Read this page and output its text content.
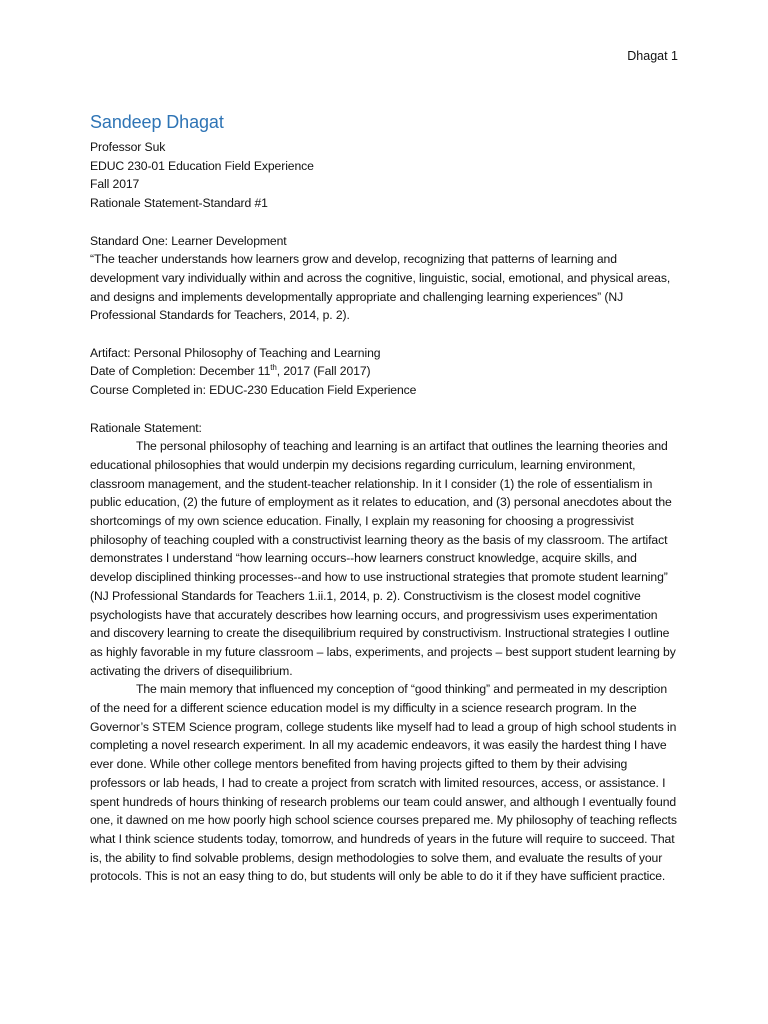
Dhagat 1
Sandeep Dhagat

Professor Suk

EDUC 230-01 Education Field Experience

Fall 2017

Rationale Statement-Standard #1

Standard One: Learner Development

“The teacher understands how learners grow and develop, recognizing that patterns of learning and development vary individually within and across the cognitive, linguistic, social, emotional, and physical areas, and designs and implements developmentally appropriate and challenging learning experiences” (NJ Professional Standards for Teachers, 2014, p. 2).

Artifact: Personal Philosophy of Teaching and Learning

Date of Completion: December 11th, 2017 (Fall 2017)

Course Completed in: EDUC-230 Education Field Experience

Rationale Statement:

The personal philosophy of teaching and learning is an artifact that outlines the learning theories and educational philosophies that would underpin my decisions regarding curriculum, learning environment, classroom management, and the student-teacher relationship. In it I consider (1) the role of essentialism in public education, (2) the future of employment as it relates to education, and (3) personal anecdotes about the shortcomings of my own science education. Finally, I explain my reasoning for choosing a progressivist philosophy of teaching coupled with a constructivist learning theory as the basis of my classroom. The artifact demonstrates I understand “how learning occurs--how learners construct knowledge, acquire skills, and develop disciplined thinking processes--and how to use instructional strategies that promote student learning” (NJ Professional Standards for Teachers 1.ii.1, 2014, p. 2). Constructivism is the closest model cognitive psychologists have that accurately describes how learning occurs, and progressivism uses experimentation and discovery learning to create the disequilibrium required by constructivism. Instructional strategies I outline as highly favorable in my future classroom – labs, experiments, and projects – best support student learning by activating the drivers of disequilibrium.

The main memory that influenced my conception of “good thinking” and permeated in my description of the need for a different science education model is my difficulty in a science research program. In the Governor’s STEM Science program, college students like myself had to lead a group of high school students in completing a novel research experiment. In all my academic endeavors, it was easily the hardest thing I have ever done. While other college mentors benefited from having projects gifted to them by their advising professors or lab heads, I had to create a project from scratch with limited resources, access, or assistance. I spent hundreds of hours thinking of research problems our team could answer, and although I eventually found one, it dawned on me how poorly high school science courses prepared me. My philosophy of teaching reflects what I think science students today, tomorrow, and hundreds of years in the future will require to succeed. That is, the ability to find solvable problems, design methodologies to solve them, and evaluate the results of your protocols. This is not an easy thing to do, but students will only be able to do it if they have sufficient practice.
